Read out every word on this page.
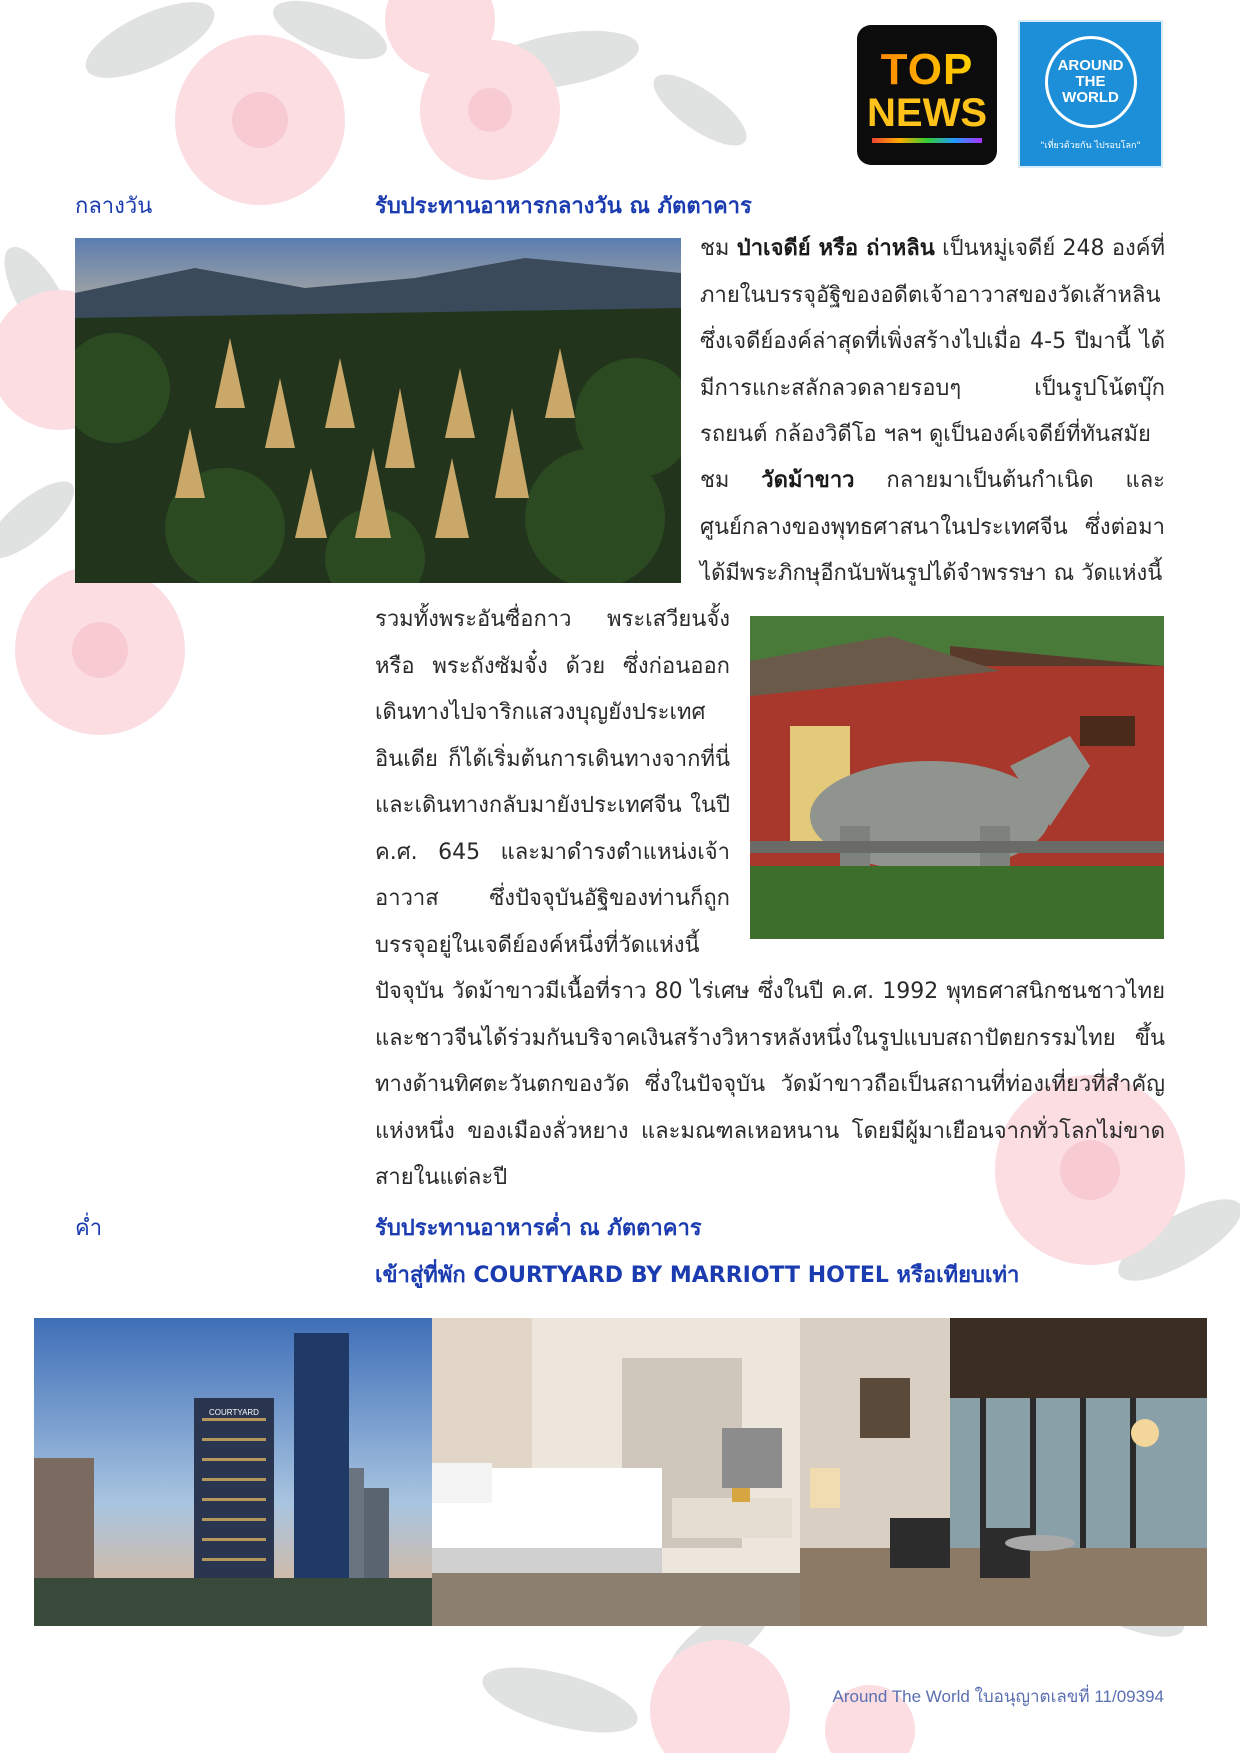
TOP
NEWS
AROUND THE WORLD
"เที่ยวด้วยกัน ไปรอบโลก"
กลางวัน	รับประทานอาหารกลางวัน ณ ภัตตาคาร

ชม ป่าเจดีย์ หรือ ถ่าหลิน เป็นหมู่เจดีย์ 248 องค์ที่ภายในบรรจุอัฐิของอดีตเจ้าอาวาสของวัดเส้าหลิน ซึ่งเจดีย์องค์ล่าสุดที่เพิ่งสร้างไปเมื่อ 4-5 ปีมานี้ ได้มีการแกะสลักลวดลายรอบๆ เป็นรูปโน้ตบุ๊กรถยนต์ กล้องวิดีโอ ฯลฯ ดูเป็นองค์เจดีย์ที่ทันสมัย

ชม วัดม้าขาว กลายมาเป็นต้นกำเนิด และศูนย์กลางของพุทธศาสนาในประเทศจีน ซึ่งต่อมาได้มีพระภิกษุอีกนับพันรูปได้จำพรรษา ณ วัดแห่งนี้

รวมทั้งพระอันซื่อกาว พระเสวียนจั้ง หรือ พระถังซัมจั๋ง ด้วย ซึ่งก่อนออกเดินทางไปจาริกแสวงบุญยังประเทศอินเดีย ก็ได้เริ่มต้นการเดินทางจากที่นี่ และเดินทางกลับมายังประเทศจีน ในปี ค.ศ. 645 และมาดำรงตำแหน่งเจ้าอาวาส ซึ่งปัจจุบันอัฐิของท่านก็ถูกบรรจุอยู่ในเจดีย์องค์หนึ่งที่วัดแห่งนี้

ปัจจุบัน วัดม้าขาวมีเนื้อที่ราว 80 ไร่เศษ ซึ่งในปี ค.ศ. 1992 พุทธศาสนิกชนชาวไทยและชาวจีนได้ร่วมกันบริจาคเงินสร้างวิหารหลังหนึ่งในรูปแบบสถาปัตยกรรมไทย ขึ้นทางด้านทิศตะวันตกของวัด ซึ่งในปัจจุบัน วัดม้าขาวถือเป็นสถานที่ท่องเที่ยวที่สำคัญแห่งหนึ่ง ของเมืองลั่วหยาง และมณฑลเหอหนาน โดยมีผู้มาเยือนจากทั่วโลกไม่ขาดสายในแต่ละปี

ค่ำ	รับประทานอาหารค่ำ ณ ภัตตาคาร
เข้าสู่ที่พัก COURTYARD BY MARRIOTT HOTEL หรือเทียบเท่า
COURTYARD
Around The World ใบอนุญาตเลขที่ 11/09394
